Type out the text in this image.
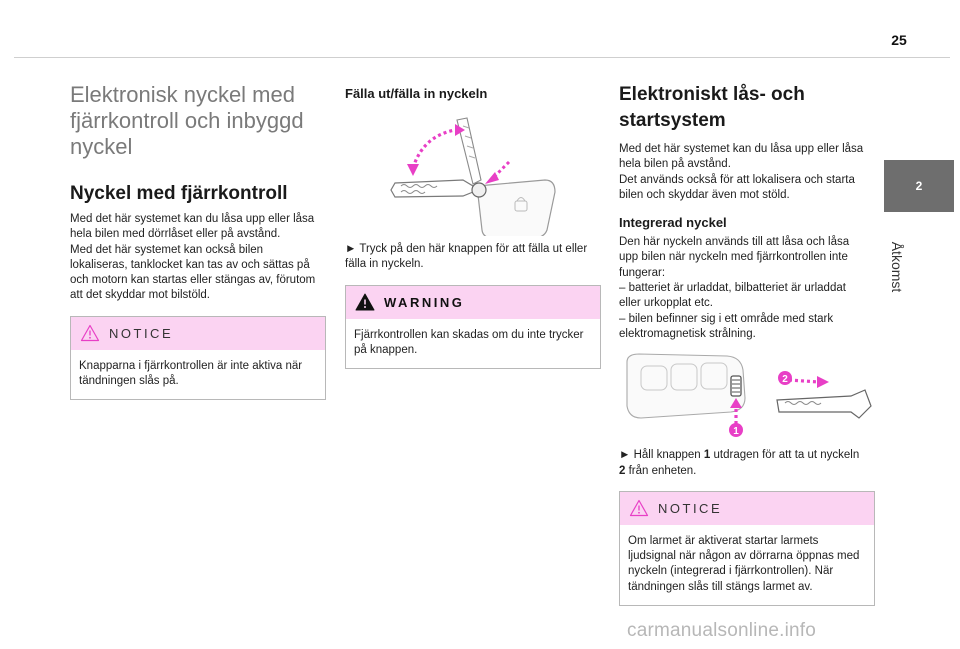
25
Elektronisk nyckel med
fjärrkontroll och inbyggd
nyckel
Nyckel med fjärrkontroll
Med det här systemet kan du låsa upp eller låsa
hela bilen med dörrlåset eller på avstånd.
Med det här systemet kan också bilen
lokaliseras, tanklocket kan tas av och sättas på
och motorn kan startas eller stängas av, förutom
att det skyddar mot bilstöld.
NOTICE
Knapparna i fjärrkontrollen är inte aktiva när
tändningen slås på.
Fälla ut/fälla in nyckeln
► Tryck på den här knappen för att fälla ut eller
fälla in nyckeln.
WARNING
Fjärrkontrollen kan skadas om du inte trycker
på knappen.
Elektroniskt lås- och
startsystem
Med det här systemet kan du låsa upp eller låsa
hela bilen på avstånd.
Det används också för att lokalisera och starta
bilen och skyddar även mot stöld.
Integrerad nyckel
Den här nyckeln används till att låsa och låsa
upp bilen när nyckeln med fjärrkontrollen inte
fungerar:
– batteriet är urladdat, bilbatteriet är urladdat
eller urkopplat etc.
– bilen befinner sig i ett område med stark
elektromagnetisk strålning.
2
1
► Håll knappen 1 utdragen för att ta ut nyckeln
2 från enheten.
NOTICE
Om larmet är aktiverat startar larmets
ljudsignal när någon av dörrarna öppnas med
nyckeln (integrerad i fjärrkontrollen). När
tändningen slås till stängs larmet av.
2
Åtkomst
carmanualsonline.info
